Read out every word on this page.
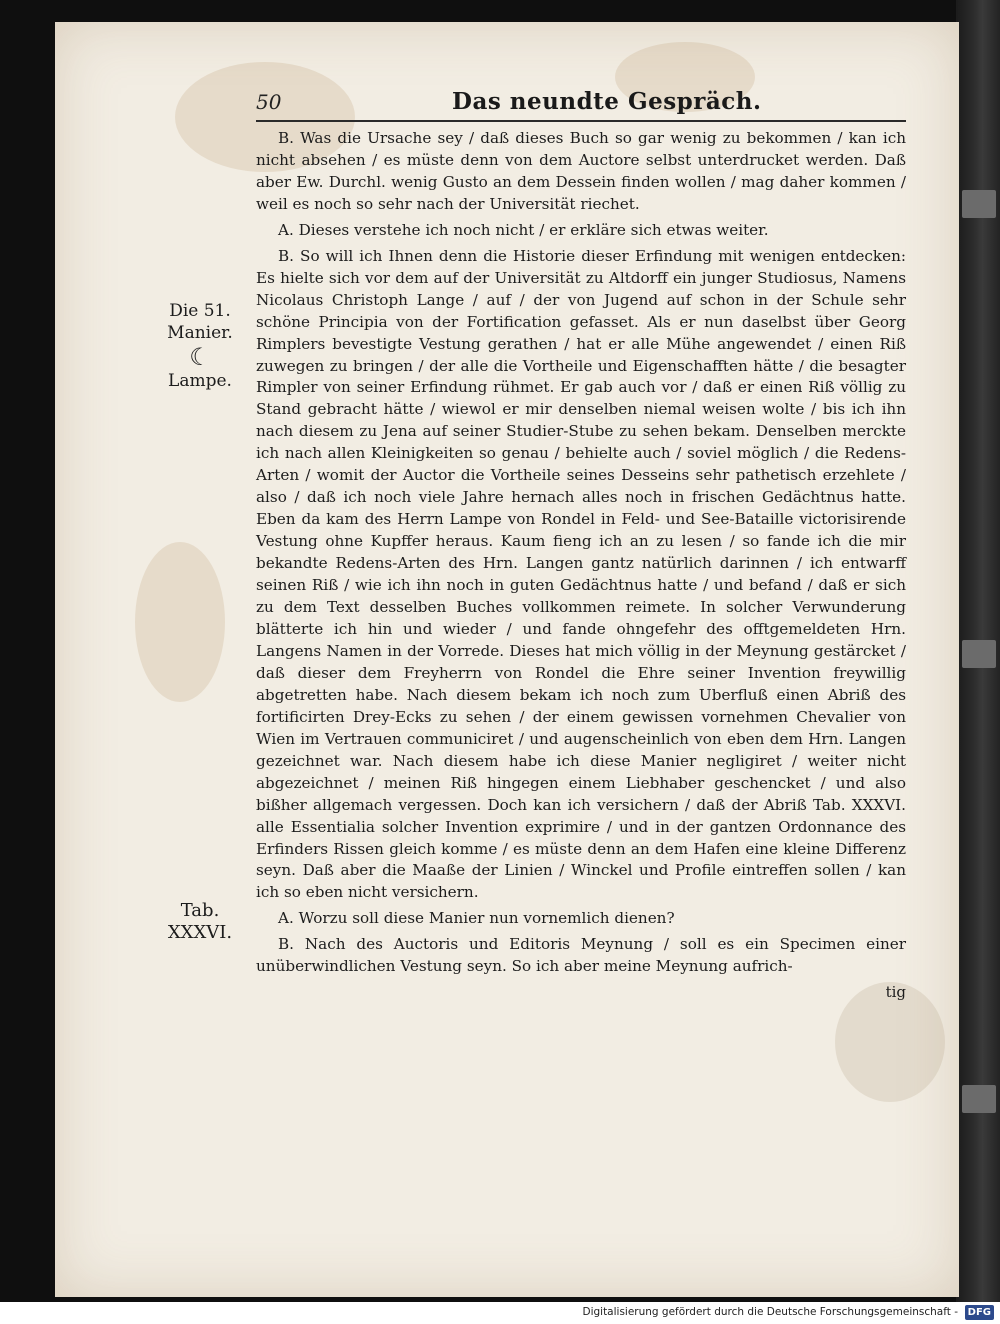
50	Das neundte Gespräch.
Die 51.
Manier.
☾
Lampe.
Tab.
XXXVI.

B. Was die Ursache sey / daß dieses Buch so gar wenig zu bekommen / kan ich nicht absehen / es müste denn von dem Auctore selbst unterdrucket werden. Daß aber Ew. Durchl. wenig Gusto an dem Dessein finden wollen / mag daher kommen / weil es noch so sehr nach der Universität riechet.

A. Dieses verstehe ich noch nicht / er erkläre sich etwas weiter.

B. So will ich Ihnen denn die Historie dieser Erfindung mit wenigen entdecken: Es hielte sich vor dem auf der Universität zu Altdorff ein junger Studiosus, Namens Nicolaus Christoph Lange / auf / der von Jugend auf schon in der Schule sehr schöne Principia von der Fortification gefasset. Als er nun daselbst über Georg Rimplers bevestigte Vestung gerathen / hat er alle Mühe angewendet / einen Riß zuwegen zu bringen / der alle die Vortheile und Eigenschafften hätte / die besagter Rimpler von seiner Erfindung rühmet. Er gab auch vor / daß er einen Riß völlig zu Stand gebracht hätte / wiewol er mir denselben niemal weisen wolte / bis ich ihn nach diesem zu Jena auf seiner Studier-Stube zu sehen bekam. Denselben merckte ich nach allen Kleinigkeiten so genau / behielte auch / soviel möglich / die Redens-Arten / womit der Auctor die Vortheile seines Desseins sehr pathetisch erzehlete / also / daß ich noch viele Jahre hernach alles noch in frischen Gedächtnus hatte. Eben da kam des Herrn Lampe von Rondel in Feld- und See-Bataille victorisirende Vestung ohne Kupffer heraus. Kaum fieng ich an zu lesen / so fande ich die mir bekandte Redens-Arten des Hrn. Langen gantz natürlich darinnen / ich entwarff seinen Riß / wie ich ihn noch in guten Gedächtnus hatte / und befand / daß er sich zu dem Text desselben Buches vollkommen reimete. In solcher Verwunderung blätterte ich hin und wieder / und fande ohngefehr des offtgemeldeten Hrn. Langens Namen in der Vorrede. Dieses hat mich völlig in der Meynung gestärcket / daß dieser dem Freyherrn von Rondel die Ehre seiner Invention freywillig abgetretten habe. Nach diesem bekam ich noch zum Uberfluß einen Abriß des fortificirten Drey-Ecks zu sehen / der einem gewissen vornehmen Chevalier von Wien im Vertrauen communiciret / und augenscheinlich von eben dem Hrn. Langen gezeichnet war. Nach diesem habe ich diese Manier negligiret / weiter nicht abgezeichnet / meinen Riß hingegen einem Liebhaber geschencket / und also bißher allgemach vergessen. Doch kan ich versichern / daß der Abriß Tab. XXXVI. alle Essentialia solcher Invention exprimire / und in der gantzen Ordonnance des Erfinders Rissen gleich komme / es müste denn an dem Hafen eine kleine Differenz seyn. Daß aber die Maaße der Linien / Winckel und Profile eintreffen sollen / kan ich so eben nicht versichern.

A. Worzu soll diese Manier nun vornemlich dienen?

B. Nach des Auctoris und Editoris Meynung / soll es ein Specimen einer unüberwindlichen Vestung seyn. So ich aber meine Meynung aufrich-

tig
Digitalisierung gefördert durch die Deutsche Forschungsgemeinschaft - DFG
